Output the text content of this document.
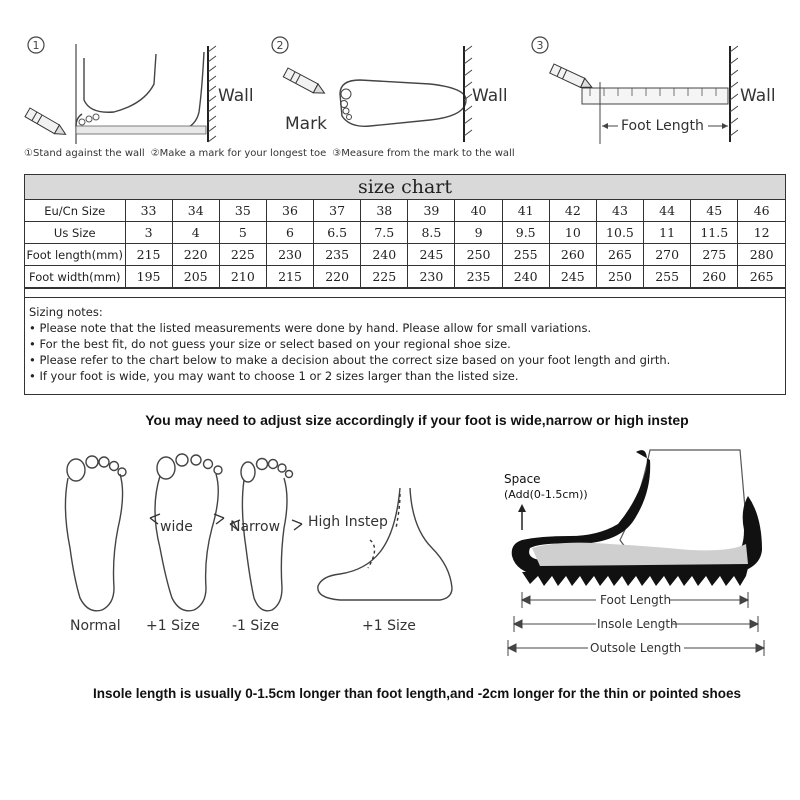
1
Wall
2
Mark
Wall
3
Foot Length
Wall
①Stand against the wall ②Make a mark for your longest toe ③Measure from the mark to the wall
size chart
Eu/Cn Size	33	34	35	36	37	38	39	40	41	42	43	44	45	46
Us Size	3	4	5	6	6.5	7.5	8.5	9	9.5	10	10.5	11	11.5	12
Foot length(mm)	215	220	225	230	235	240	245	250	255	260	265	270	275	280
Foot width(mm)	195	205	210	215	220	225	230	235	240	245	250	255	260	265
Sizing notes:
• Please note that the listed measurements were done by hand. Please allow for small variations.
• For the best fit, do not guess your size or select based on your regional shoe size.
• Please refer to the chart below to make a decision about the correct size based on your foot length and girth.
• If your foot is wide, you may want to choose 1 or 2 sizes larger than the listed size.
You may need to adjust size accordingly if your foot is wide,narrow or high instep
wide	Narrow High Instep
Normal +1 Size -1 Size	+1 Size
Space
(Add(0-1.5cm))
Foot Length
Insole Length
Outsole Length
Insole length is usually 0-1.5cm longer than foot length,and -2cm longer for the thin or pointed shoes
